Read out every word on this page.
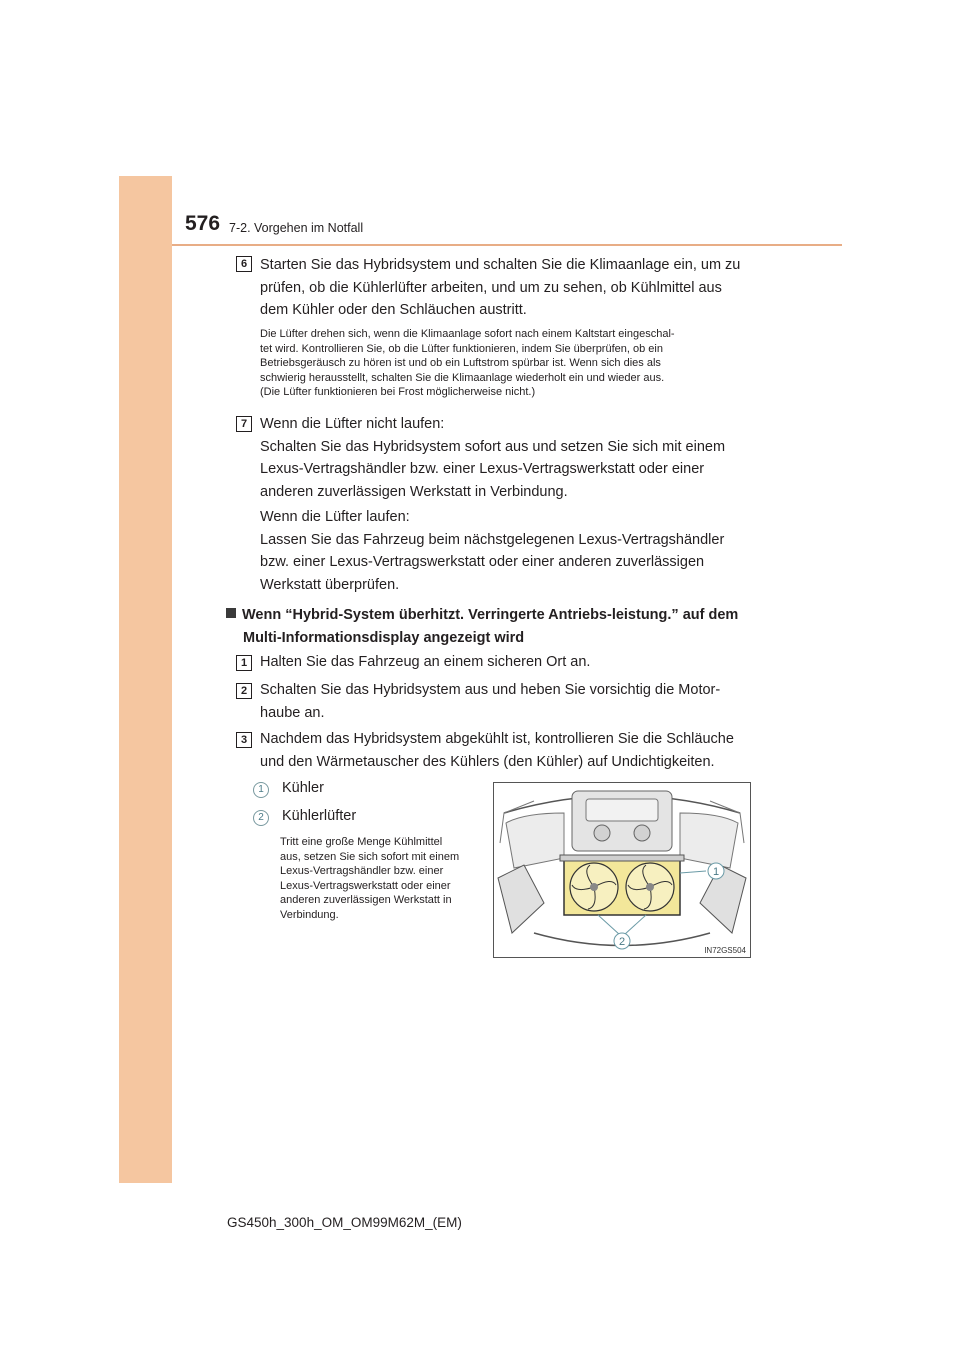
576 7-2. Vorgehen im Notfall
6 Starten Sie das Hybridsystem und schalten Sie die Klimaanlage ein, um zu
prüfen, ob die Kühlerlüfter arbeiten, und um zu sehen, ob Kühlmittel aus
dem Kühler oder den Schläuchen austritt.
Die Lüfter drehen sich, wenn die Klimaanlage sofort nach einem Kaltstart eingeschal-
tet wird. Kontrollieren Sie, ob die Lüfter funktionieren, indem Sie überprüfen, ob ein
Betriebsgeräusch zu hören ist und ob ein Luftstrom spürbar ist. Wenn sich dies als
schwierig herausstellt, schalten Sie die Klimaanlage wiederholt ein und wieder aus.
(Die Lüfter funktionieren bei Frost möglicherweise nicht.)
7 Wenn die Lüfter nicht laufen:
Schalten Sie das Hybridsystem sofort aus und setzen Sie sich mit einem
Lexus-Vertragshändler bzw. einer Lexus-Vertragswerkstatt oder einer
anderen zuverlässigen Werkstatt in Verbindung.
Wenn die Lüfter laufen:
Lassen Sie das Fahrzeug beim nächstgelegenen Lexus-Vertragshändler
bzw. einer Lexus-Vertragswerkstatt oder einer anderen zuverlässigen
Werkstatt überprüfen.
Wenn “Hybrid-System überhitzt. Verringerte Antriebs-leistung.” auf dem
Multi-Informationsdisplay angezeigt wird
1 Halten Sie das Fahrzeug an einem sicheren Ort an.
2 Schalten Sie das Hybridsystem aus und heben Sie vorsichtig die Motor-
haube an.
3 Nachdem das Hybridsystem abgekühlt ist, kontrollieren Sie die Schläuche
und den Wärmetauscher des Kühlers (den Kühler) auf Undichtigkeiten.
1	Kühler
2	Kühlerlüfter
Tritt eine große Menge Kühlmittel
aus, setzen Sie sich sofort mit einem
Lexus-Vertragshändler bzw. einer
Lexus-Vertragswerkstatt oder einer
anderen zuverlässigen Werkstatt in
Verbindung.
1
2
IN72GS504
GS450h_300h_OM_OM99M62M_(EM)
